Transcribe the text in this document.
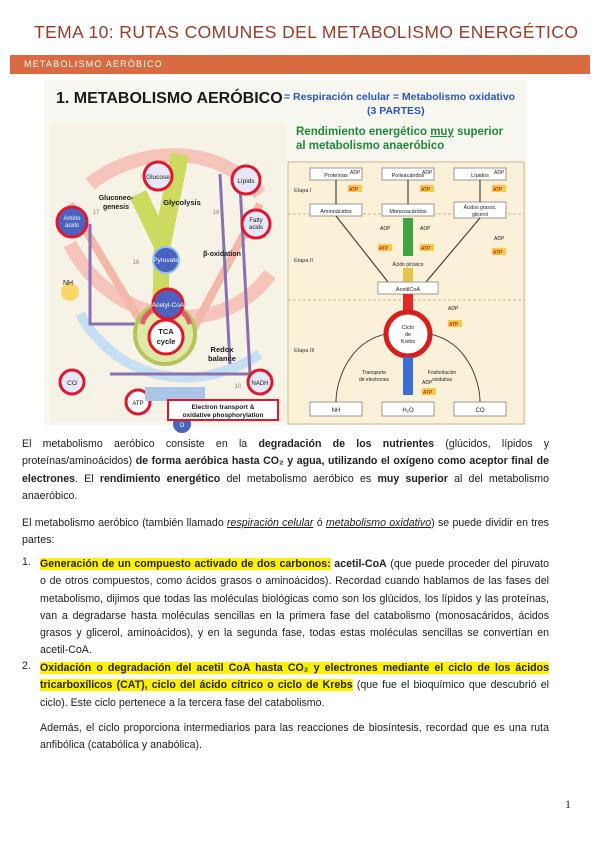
TEMA 10: RUTAS COMUNES DEL METABOLISMO ENERGÉTICO
METABOLISMO AERÓBICO
1. METABOLISMO AERÓBICO = Respiración celular = Metabolismo oxidativo
(3 PARTES)
Rendimiento energético muy superior
al metabolismo anaeróbico
Glucose
Lípids
Amino
acids
Fatty
acids
Gluconeo-
genesis
Glycolysis
Pyruvate
β-oxidation
Acetyl-CoA
TCA
cycle
NH
Redox
balance
CO	NADH
ATP
O
Electron transport &
oxidative phosphorylation
17	18
16
10
Etapa I
Etapa II
Etapa III
Proteínas	Polisacáridos	Lípidos
Aminoácidos	Monosacáridos
Ácidos grasos,
glicerol
Ácido pirúvico
AcetilCoA
Ciclo
de
Krebs
Transporte
de electrones
Fosforilación
oxidativa
NH	H₂O	CO
ADP
ATP
ADP
ATP
ADP
ATP
ADP
ATP
ADP
ATP
ADP
ATP
ADP
ATP
ADP
ATP
El metabolismo aeróbico consiste en la degradación de los nutrientes (glúcidos, lípidos y proteínas/aminoácidos) de forma aeróbica hasta CO₂ y agua, utilizando el oxígeno como aceptor final de electrones. El rendimiento energético del metabolismo aeróbico es muy superior al del metabolismo anaeróbico.
El metabolismo aeróbico (también llamado respiración celular ó metabolismo oxidativo) se puede dividir en tres partes:
1. Generación de un compuesto activado de dos carbonos: acetil-CoA (que puede proceder del piruvato o de otros compuestos, como ácidos grasos o aminoácidos). Recordad cuando hablamos de las fases del metabolismo, dijimos que todas las moléculas biológicas como son los glúcidos, los lípidos y las proteínas, van a degradarse hasta moléculas sencillas en la primera fase del catabolismo (monosacáridos, ácidos grasos y glicerol, aminoácidos), y en la segunda fase, todas estas moléculas sencillas se convertían en acetil-CoA.
2. Oxidación o degradación del acetil CoA hasta CO₂ y electrones mediante el ciclo de los ácidos tricarboxílicos (CAT), ciclo del ácido cítrico o ciclo de Krebs (que fue el bioquímico que descubrió el ciclo). Este ciclo pertenece a la tercera fase del catabolismo.
Además, el ciclo proporciona intermediarios para las reacciones de biosíntesis, recordad que es una ruta anfibólica (catabólica y anabólica).
1
